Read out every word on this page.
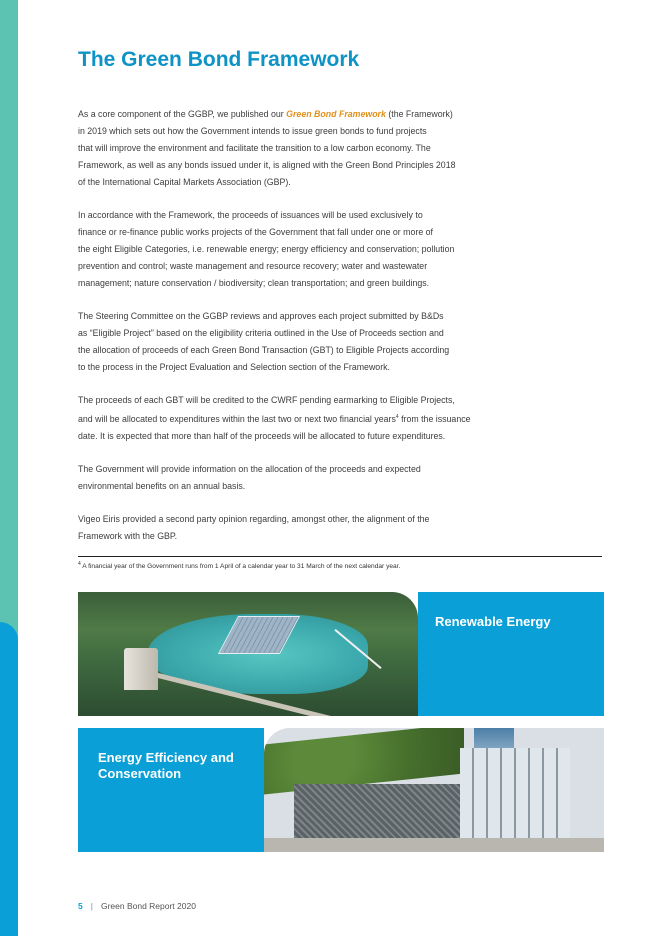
The Green Bond Framework

As a core component of the GGBP, we published our Green Bond Framework (the Framework)
in 2019 which sets out how the Government intends to issue green bonds to fund projects
that will improve the environment and facilitate the transition to a low carbon economy. The
Framework, as well as any bonds issued under it, is aligned with the Green Bond Principles 2018
of the International Capital Markets Association (GBP).

In accordance with the Framework, the proceeds of issuances will be used exclusively to
finance or re-finance public works projects of the Government that fall under one or more of
the eight Eligible Categories, i.e. renewable energy; energy efficiency and conservation; pollution
prevention and control; waste management and resource recovery; water and wastewater
management; nature conservation / biodiversity; clean transportation; and green buildings.

The Steering Committee on the GGBP reviews and approves each project submitted by B&Ds
as “Eligible Project” based on the eligibility criteria outlined in the Use of Proceeds section and
the allocation of proceeds of each Green Bond Transaction (GBT) to Eligible Projects according
to the process in the Project Evaluation and Selection section of the Framework.

The proceeds of each GBT will be credited to the CWRF pending earmarking to Eligible Projects,
and will be allocated to expenditures within the last two or next two financial years$^4$ from the issuance
date. It is expected that more than half of the proceeds will be allocated to future expenditures.

The Government will provide information on the allocation of the proceeds and expected
environmental benefits on an annual basis.

Vigeo Eiris provided a second party opinion regarding, amongst other, the alignment of the
Framework with the GBP.

$^4$ A financial year of the Government runs from 1 April of a calendar year to 31 March of the next calendar year.
Renewable Energy
Energy Efficiency and
Conservation
5 | Green Bond Report 2020
